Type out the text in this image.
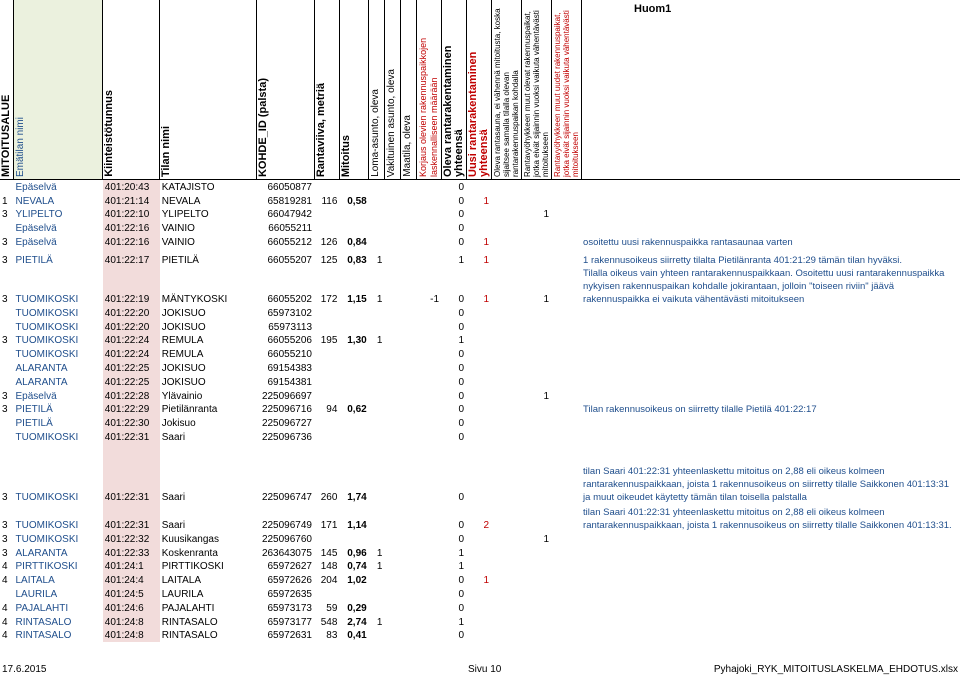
MITOITUSALUE	Emätilan nimi	Kiinteistötunnus	Tilan nimi	KOHDE_ID (palsta)	Rantaviiva, metriä	Mitoitus	Loma-asunto, oleva	Vakituinen asunto, oleva	Maatila, oleva	Korjaus olevien rakennuspaikkojen laskennalliseen määrään	Oleva rantarakentaminen yhteensä	Uusi rantarakentaminen yhteensä	Oleva rantasauna, ei vähennä mitoitusta, koska sijaitsee samalla tilalla olevan rantarakennuspaikan kohdalla	Rantavyöhykkeen muut olevat rakennuspaikat, jotka eivät sijainnin vuoksi vaikuta vähentävästi mitoitukseen	Rantavyöhykkeen muut uudet rakennuspaikat, jotka eivät sijainnin vuoksi vaikuta vähentävästi mitoitukseen	Huom1

	Epäselvä	401:20:43	KATAJISTO	66050877							0					
1	NEVALA	401:21:14	NEVALA	65819281	116	0,58					0	1				
3	YLIPELTO	401:22:10	YLIPELTO	66047942							0			1		
	Epäselvä	401:22:16	VAINIO	66055211							0					
3	Epäselvä	401:22:16	VAINIO	66055212	126	0,84					0	1				osoitettu uusi rakennuspaikka rantasaunaa varten
3	PIETILÄ	401:22:17	PIETILÄ	66055207	125	0,83	1				1	1				1 rakennusoikeus siirretty tilalta Pietilänranta 401:21:29 tämän tilan hyväksi.
3	TUOMIKOSKI	401:22:19	MÄNTYKOSKI	66055202	172	1,15	1			-1	0	1		1		Tilalla oikeus vain yhteen rantarakennuspaikkaan. Osoitettu uusi rantarakennuspaikka nykyisen rakennuspaikan kohdalle jokirantaan, jolloin "toiseen riviin" jäävä rakennuspaikka ei vaikuta vähentävästi mitoitukseen
	TUOMIKOSKI	401:22:20	JOKISUO	65973102							0					
	TUOMIKOSKI	401:22:20	JOKISUO	65973113							0					
3	TUOMIKOSKI	401:22:24	REMULA	66055206	195	1,30	1				1					
	TUOMIKOSKI	401:22:24	REMULA	66055210							0					
	ALARANTA	401:22:25	JOKISUO	69154383							0					
	ALARANTA	401:22:25	JOKISUO	69154381							0					
3	Epäselvä	401:22:28	Ylävainio	225096697							0			1		
3	PIETILÄ	401:22:29	Pietilänranta	225096716	94	0,62					0					Tilan rakennusoikeus on siirretty tilalle Pietilä 401:22:17
	PIETILÄ	401:22:30	Jokisuo	225096727							0					
	TUOMIKOSKI	401:22:31	Saari	225096736							0					
3	TUOMIKOSKI	401:22:31	Saari	225096747	260	1,74					0					tilan Saari 401:22:31 yhteenlaskettu mitoitus on 2,88 eli oikeus kolmeen rantarakennuspaikkaan, joista 1 rakennusoikeus on siirretty tilalle Saikkonen 401:13:31 ja muut oikeudet käytetty tämän tilan toisella palstalla
3	TUOMIKOSKI	401:22:31	Saari	225096749	171	1,14					0	2				tilan Saari 401:22:31 yhteenlaskettu mitoitus on 2,88 eli oikeus kolmeen rantarakennuspaikkaan, joista 1 rakennusoikeus on siirretty tilalle Saikkonen 401:13:31.
3	TUOMIKOSKI	401:22:32	Kuusikangas	225096760							0			1		
3	ALARANTA	401:22:33	Koskenranta	263643075	145	0,96	1				1					
4	PIRTTIKOSKI	401:24:1	PIRTTIKOSKI	65972627	148	0,74	1				1					
4	LAITALA	401:24:4	LAITALA	65972626	204	1,02					0	1				
	LAURILA	401:24:5	LAURILA	65972635							0					
4	PAJALAHTI	401:24:6	PAJALAHTI	65973173	59	0,29					0					
4	RINTASALO	401:24:8	RINTASALO	65973177	548	2,74	1				1					
4	RINTASALO	401:24:8	RINTASALO	65972631	83	0,41					0					
17.6.2015	Sivu 10	Pyhajoki_RYK_MITOITUSLASKELMA_EHDOTUS.xlsx
